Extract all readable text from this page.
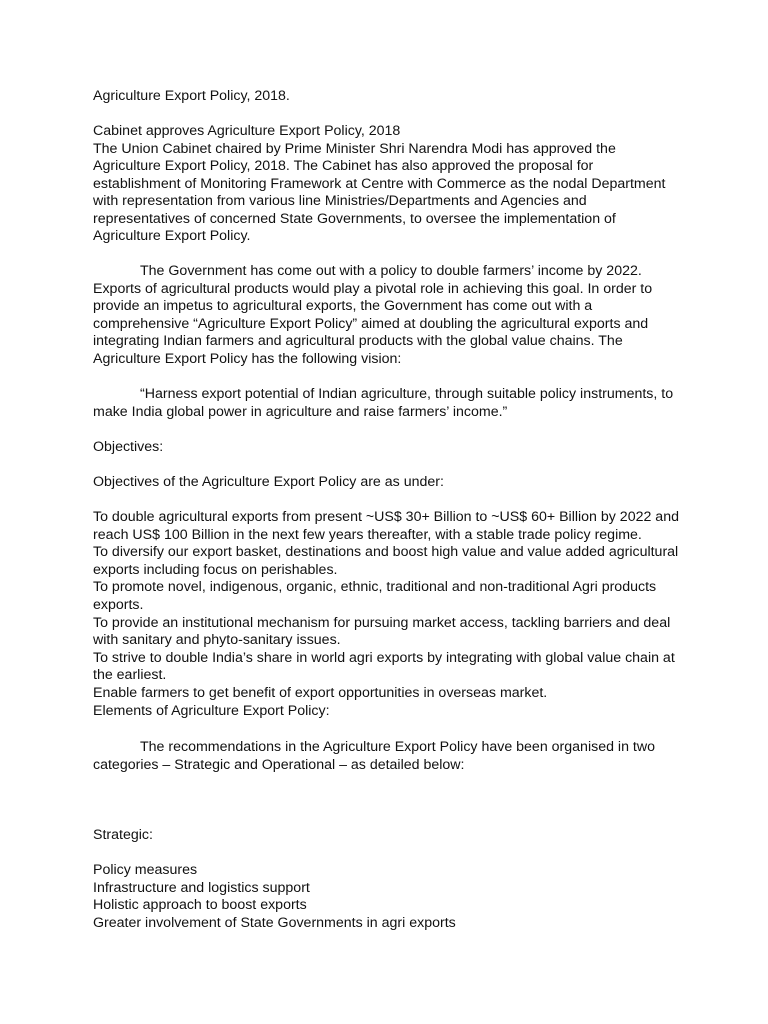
Agriculture Export Policy, 2018.

Cabinet approves Agriculture Export Policy, 2018

The Union Cabinet chaired by Prime Minister Shri Narendra Modi has approved the Agriculture Export Policy, 2018. The Cabinet has also approved the proposal for establishment of Monitoring Framework at Centre with Commerce as the nodal Department with representation from various line Ministries/Departments and Agencies and representatives of concerned State Governments, to oversee the implementation of Agriculture Export Policy.

The Government has come out with a policy to double farmers’ income by 2022. Exports of agricultural products would play a pivotal role in achieving this goal. In order to provide an impetus to agricultural exports, the Government has come out with a comprehensive “Agriculture Export Policy” aimed at doubling the agricultural exports and integrating Indian farmers and agricultural products with the global value chains. The Agriculture Export Policy has the following vision:

“Harness export potential of Indian agriculture, through suitable policy instruments, to make India global power in agriculture and raise farmers’ income.”

Objectives:

Objectives of the Agriculture Export Policy are as under:

To double agricultural exports from present ~US$ 30+ Billion to ~US$ 60+ Billion by 2022 and reach US$ 100 Billion in the next few years thereafter, with a stable trade policy regime.

To diversify our export basket, destinations and boost high value and value added agricultural exports including focus on perishables.

To promote novel, indigenous, organic, ethnic, traditional and non-traditional Agri products exports.

To provide an institutional mechanism for pursuing market access, tackling barriers and deal with sanitary and phyto-sanitary issues.

To strive to double India’s share in world agri exports by integrating with global value chain at the earliest.

Enable farmers to get benefit of export opportunities in overseas market.

Elements of Agriculture Export Policy:

The recommendations in the Agriculture Export Policy have been organised in two categories – Strategic and Operational – as detailed below:

Strategic:

Policy measures

Infrastructure and logistics support

Holistic approach to boost exports

Greater involvement of State Governments in agri exports
